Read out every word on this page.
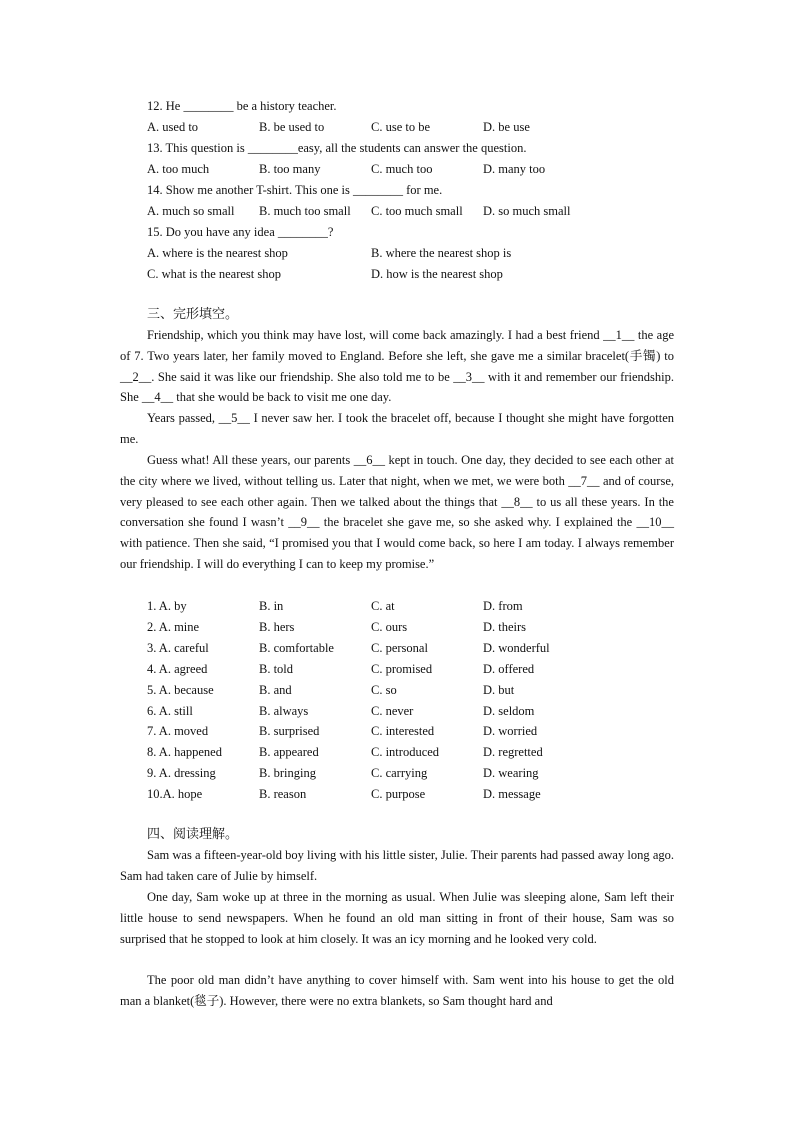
12. He ________ be a history teacher.
A. used to	B. be used to	C. use to be	D. be use
13. This question is ________easy, all the students can answer the question.
A. too much	B. too many	C. much too	D. many too
14. Show me another T-shirt. This one is ________ for me.
A. much so small B. much too small C. too much small D. so much small
15. Do you have any idea ________?
A. where is the nearest shop	B. where the nearest shop is
C. what is the nearest shop	D. how is the nearest shop
三、完形填空。
Friendship, which you think may have lost, will come back amazingly. I had a best friend __1__ the age of 7. Two years later, her family moved to England. Before she left, she gave me a similar bracelet(手镯) to __2__. She said it was like our friendship. She also told me to be __3__ with it and remember our friendship. She __4__ that she would be back to visit me one day.
Years passed, __5__ I never saw her. I took the bracelet off, because I thought she might have forgotten me.
Guess what! All these years, our parents __6__ kept in touch. One day, they decided to see each other at the city where we lived, without telling us. Later that night, when we met, we were both __7__ and of course, very pleased to see each other again. Then we talked about the things that __8__ to us all these years. In the conversation she found I wasn’t __9__ the bracelet she gave me, so she asked why. I explained the __10__ with patience. Then she said, “I promised you that I would come back, so here I am today. I always remember our friendship. I will do everything I can to keep my promise.”
1. A. by	B. in	C. at	D. from
2. A. mine	B. hers	C. ours	D. theirs
3. A. careful	B. comfortable	C. personal	D. wonderful
4. A. agreed	B. told	C. promised	D. offered
5. A. because	B. and	C. so	D. but
6. A. still	B. always	C. never	D. seldom
7. A. moved	B. surprised	C. interested	D. worried
8. A. happened	B. appeared	C. introduced	D. regretted
9. A. dressing	B. bringing	C. carrying	D. wearing
10.A. hope	B. reason	C. purpose	D. message
四、阅读理解。
Sam was a fifteen-year-old boy living with his little sister, Julie. Their parents had passed away long ago. Sam had taken care of Julie by himself.
One day, Sam woke up at three in the morning as usual. When Julie was sleeping alone, Sam left their little house to send newspapers. When he found an old man sitting in front of their house, Sam was so surprised that he stopped to look at him closely. It was an icy morning and he looked very cold.
The poor old man didn’t have anything to cover himself with. Sam went into his house to get the old man a blanket(毯子). However, there were no extra blankets, so Sam thought hard and
